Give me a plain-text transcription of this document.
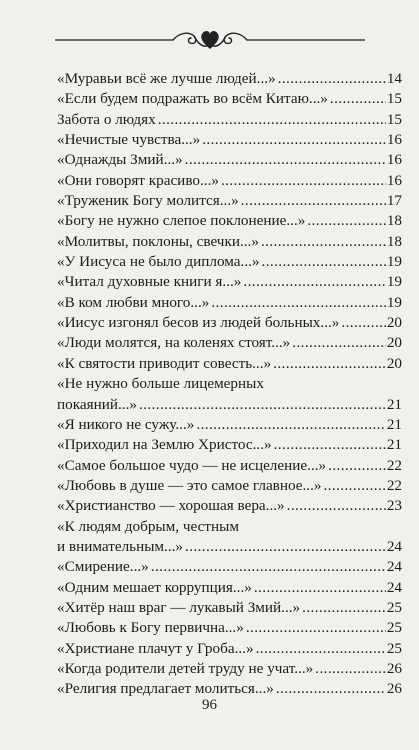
«Муравьи всё же лучше людей...» . . .	14
«Если будем подражать во всём Китаю...» . . .	15
Забота о людях . . .	15
«Нечистые чувства...» . . .	16
«Однажды Змий...» . . .	16
«Они говорят красиво...» . . .	16
«Труженик Богу молится...» . . .	17
«Богу не нужно слепое поклонение...» . . .	18
«Молитвы, поклоны, свечки...» . . .	18
«У Иисуса не было диплома...» . . .	19
«Читал духовные книги я...» . . .	19
«В ком любви много...» . . .	19
«Иисус изгонял бесов из людей больных...» . . .	20
«Люди молятся, на коленях стоят...» . . .	20
«К святости приводит совесть...» . . .	20
«Не нужно больше лицемерных
покаяний...» . . .	21
«Я никого не сужу...» . . .	21
«Приходил на Землю Христос...» . . .	21
«Самое большое чудо — не исцеление...» . . .	22
«Любовь в душе — это самое главное...» . . .	22
«Христианство — хорошая вера...» . . .	23
«К людям добрым, честным
и внимательным...» . . .	24
«Смирение...» . . .	24
«Одним мешает коррупция...» . . .	24
«Хитёр наш враг — лукавый Змий...» . . .	25
«Любовь к Богу первична...» . . .	25
«Христиане плачут у Гроба...» . . .	25
«Когда родители детей труду не учат...» . . .	26
«Религия предлагает молиться...» . . .	26
96
